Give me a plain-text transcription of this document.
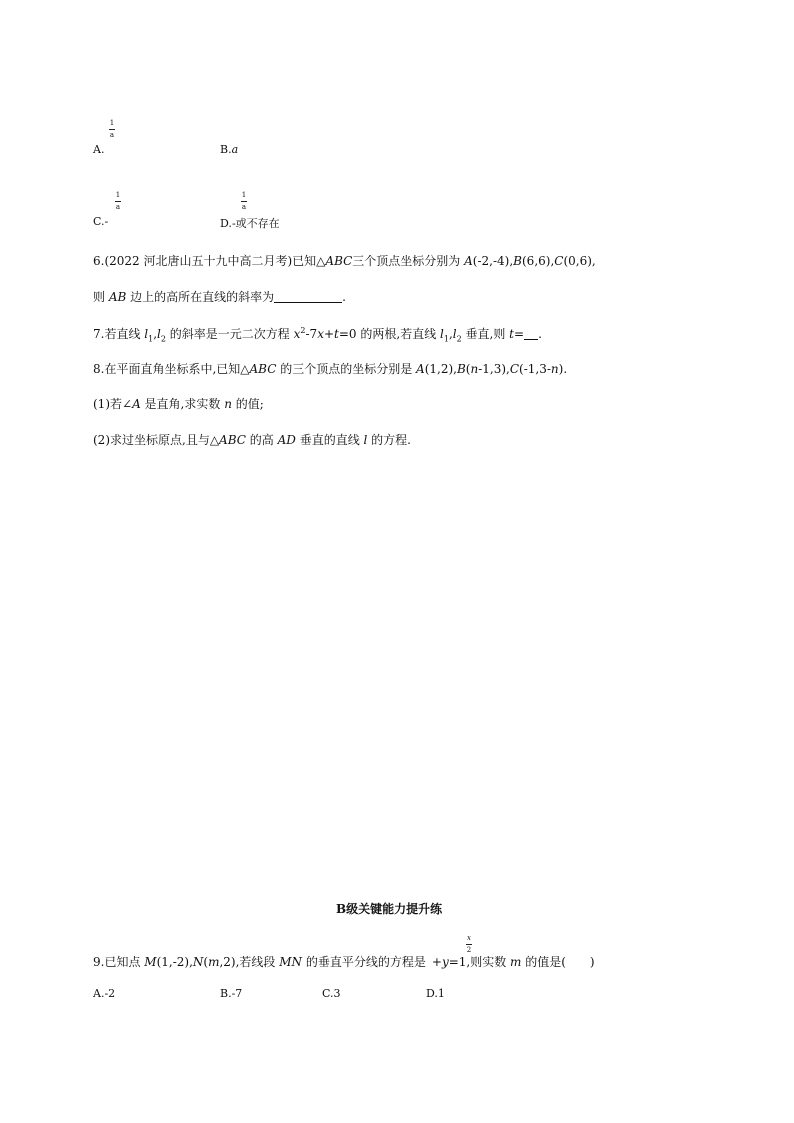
A.
1
a
B.a
C.-
1
a
D.-或不存在
1
a
6.(2022 河北唐山五十九中高二月考)已知△ABC三个顶点坐标分别为 A(-2,-4),B(6,6),C(0,6),
则 AB 边上的高所在直线的斜率为	.
7.若直线 $l_1,l_2$ 的斜率是一元二次方程 $x^2-7x+t=0$ 的两根,若直线 $l_1,l_2$ 垂直,则 t= .
8.在平面直角坐标系中,已知△ABC 的三个顶点的坐标分别是 A(1,2),B(n-1,3),C(-1,3-n).
(1)若∠A 是直角,求实数 n 的值;
(2)求过坐标原点,且与△ABC 的高 AD 垂直的直线 l 的方程.
B级关键能力提升练
x
2
9.已知点 M(1,-2),N(m,2),若线段 MN 的垂直平分线的方程是 +y=1,则实数 m 的值是(　　)
A.-2	B.-7	C.3	D.1
